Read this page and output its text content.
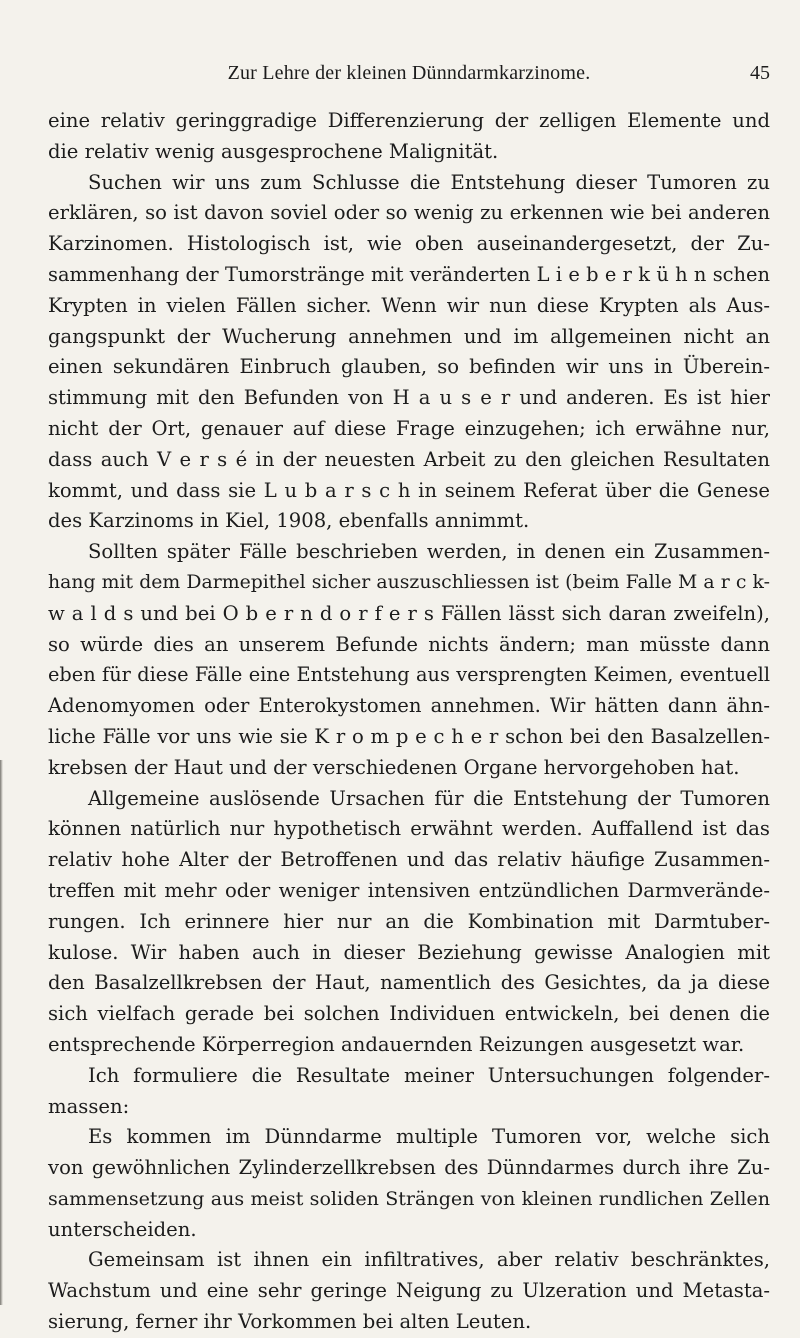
Zur Lehre der kleinen Dünndarmkarzinome.	45
eine relativ geringgradige Differenzierung der zelligen Elemente und
die relativ wenig ausgesprochene Malignität.
Suchen wir uns zum Schlusse die Entstehung dieser Tumoren zu
erklären, so ist davon soviel oder so wenig zu erkennen wie bei anderen
Karzinomen. Histologisch ist, wie oben auseinandergesetzt, der Zu-
sammenhang der Tumorstränge mit veränderten L i e b e r k ü h n schen
Krypten in vielen Fällen sicher. Wenn wir nun diese Krypten als Aus-
gangspunkt der Wucherung annehmen und im allgemeinen nicht an
einen sekundären Einbruch glauben, so befinden wir uns in Überein-
stimmung mit den Befunden von H a u s e r und anderen. Es ist hier
nicht der Ort, genauer auf diese Frage einzugehen; ich erwähne nur,
dass auch V e r s é in der neuesten Arbeit zu den gleichen Resultaten
kommt, und dass sie L u b a r s c h in seinem Referat über die Genese
des Karzinoms in Kiel, 1908, ebenfalls annimmt.
Sollten später Fälle beschrieben werden, in denen ein Zusammen-
hang mit dem Darmepithel sicher auszuschliessen ist (beim Falle M a r c k-
w a l d s und bei O b e r n d o r f e r s Fällen lässt sich daran zweifeln),
so würde dies an unserem Befunde nichts ändern; man müsste dann
eben für diese Fälle eine Entstehung aus versprengten Keimen, eventuell
Adenomyomen oder Enterokystomen annehmen. Wir hätten dann ähn-
liche Fälle vor uns wie sie K r o m p e c h e r schon bei den Basalzellen-
krebsen der Haut und der verschiedenen Organe hervorgehoben hat.
Allgemeine auslösende Ursachen für die Entstehung der Tumoren
können natürlich nur hypothetisch erwähnt werden. Auffallend ist das
relativ hohe Alter der Betroffenen und das relativ häufige Zusammen-
treffen mit mehr oder weniger intensiven entzündlichen Darmverände-
rungen. Ich erinnere hier nur an die Kombination mit Darmtuber-
kulose. Wir haben auch in dieser Beziehung gewisse Analogien mit
den Basalzellkrebsen der Haut, namentlich des Gesichtes, da ja diese
sich vielfach gerade bei solchen Individuen entwickeln, bei denen die
entsprechende Körperregion andauernden Reizungen ausgesetzt war.
Ich formuliere die Resultate meiner Untersuchungen folgender-
massen:
Es kommen im Dünndarme multiple Tumoren vor, welche sich
von gewöhnlichen Zylinderzellkrebsen des Dünndarmes durch ihre Zu-
sammensetzung aus meist soliden Strängen von kleinen rundlichen Zellen
unterscheiden.
Gemeinsam ist ihnen ein infiltratives, aber relativ beschränktes,
Wachstum und eine sehr geringe Neigung zu Ulzeration und Metasta-
sierung, ferner ihr Vorkommen bei alten Leuten.
